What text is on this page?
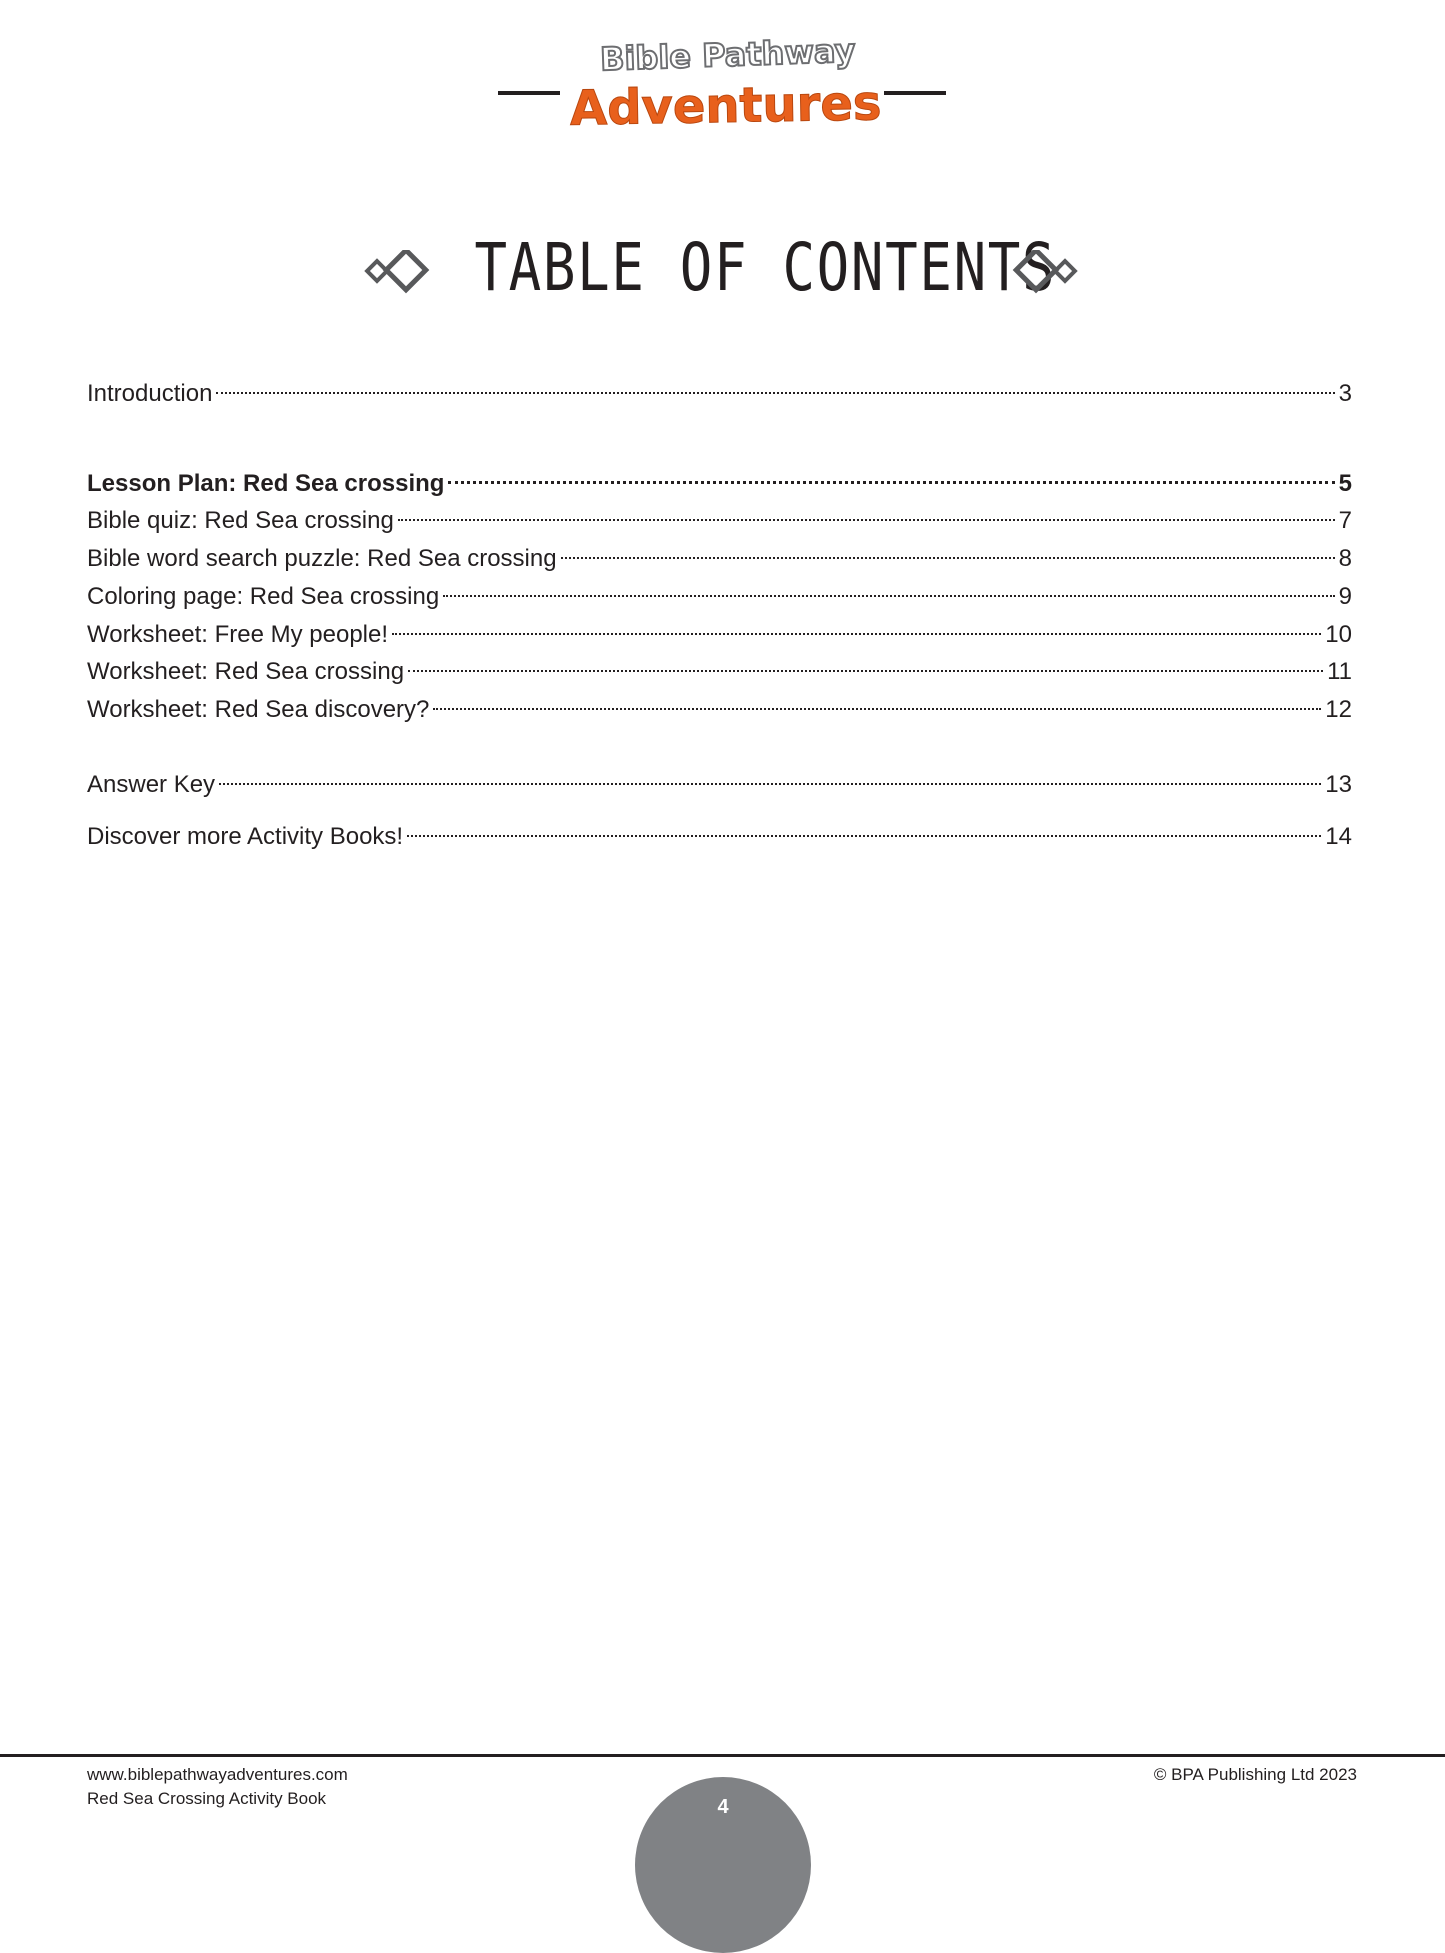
Bible Pathway
Adventures
TABLE OF CONTENTS
Introduction	3
Lesson Plan: Red Sea crossing	5
Bible quiz: Red Sea crossing	7
Bible word search puzzle: Red Sea crossing	8
Coloring page: Red Sea crossing	9
Worksheet: Free My people!	10
Worksheet: Red Sea crossing	11
Worksheet: Red Sea discovery?	12
Answer Key	13
Discover more Activity Books!	14
www.biblepathwayadventures.com
Red Sea Crossing Activity Book
© BPA Publishing Ltd 2023
4
